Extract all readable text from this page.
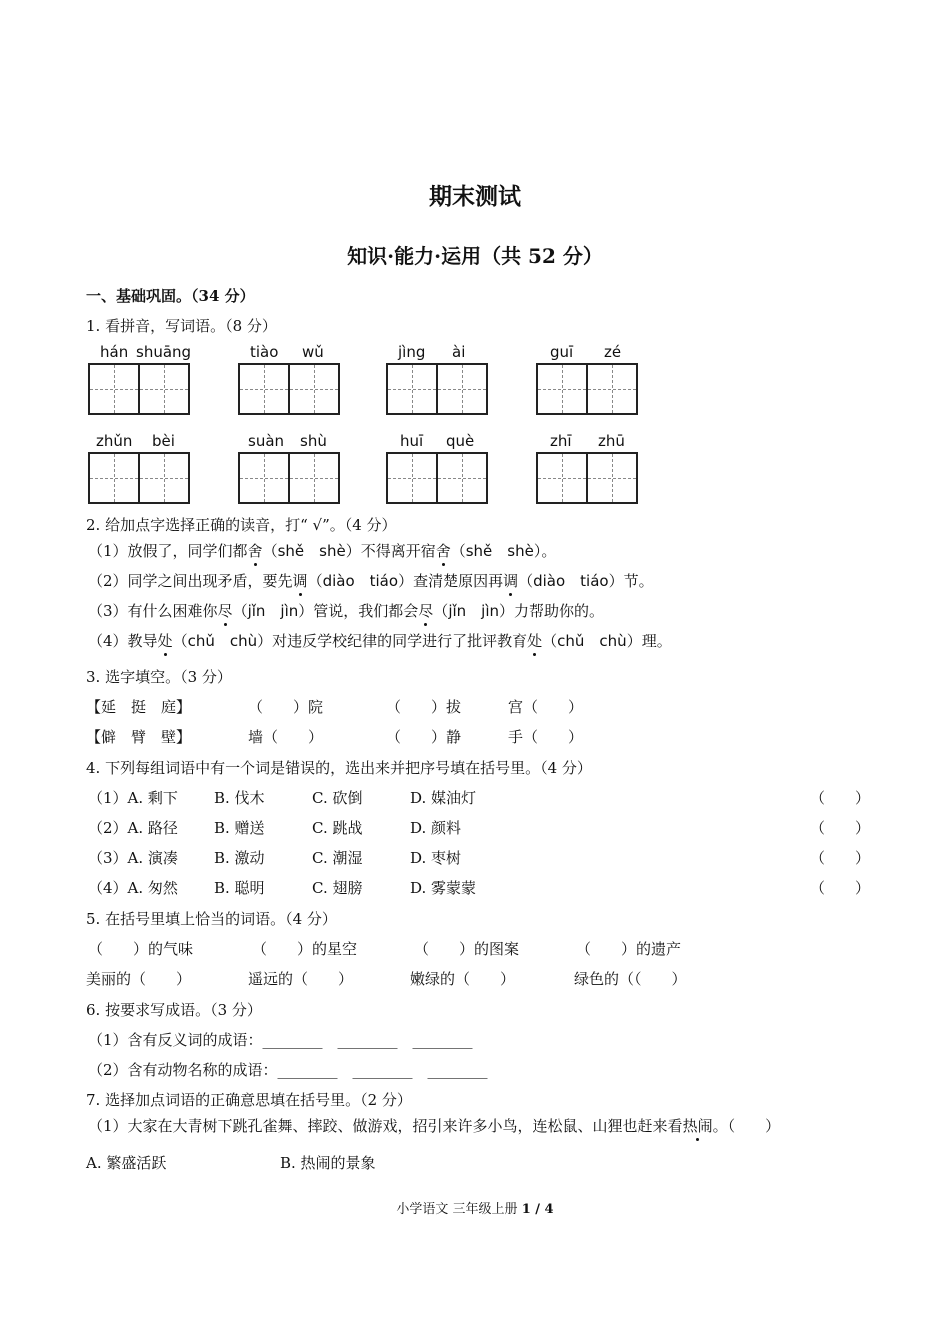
期末测试
知识·能力·运用（共 52 分）
一、基础巩固。（34 分）
1. 看拼音，写词语。（8 分）
hán shuāng	tiào wǔ	jìng ài	guī zé
zhǔn bèi	suàn shù	huī què	zhī zhū
2. 给加点字选择正确的读音，打“ √”。（4 分）
（1）放假了，同学们都舍（shě　shè）不得离开宿舍（shě　shè）。
（2）同学之间出现矛盾，要先调（diào　tiáo）查清楚原因再调（diào　tiáo）节。
（3）有什么困难你尽（jǐn　jìn）管说，我们都会尽（jǐn　jìn）力帮助你的。
（4）教导处（chǔ　chù）对违反学校纪律的同学进行了批评教育处（chǔ　chù）理。
3. 选字填空。（3 分）
【延　挺　庭】	（　　）院	（　　）拔	宫（　　）
【僻　臂　壁】	墙（　　）	（　　）静	手（　　）
4. 下列每组词语中有一个词是错误的，选出来并把序号填在括号里。（4 分）
（1）A. 剩下 B. 伐木	C. 砍倒	D. 媒油灯	（　　）
（2）A. 路径 B. 赠送	C. 跳战	D. 颜料	（　　）
（3）A. 演凑 B. 激动	C. 潮湿	D. 枣树	（　　）
（4）A. 匆然 B. 聪明	C. 翅膀	D. 雾蒙蒙	（　　）
5. 在括号里填上恰当的词语。（4 分）
（　　）的气味	（　　）的星空	（　　）的图案	（　　）的遗产
美丽的（　　）	遥远的（　　）	嫩绿的（　　）	绿色的（（　　）
6. 按要求写成语。（3 分）
（1）含有反义词的成语：________　________　________
（2）含有动物名称的成语：________　________　________
7. 选择加点词语的正确意思填在括号里。（2 分）
（1）大家在大青树下跳孔雀舞、摔跤、做游戏，招引来许多小鸟，连松鼠、山狸也赶来看热闹。（　　）
A. 繁盛活跃	B. 热闹的景象
小学语文 三年级上册 1 / 4
